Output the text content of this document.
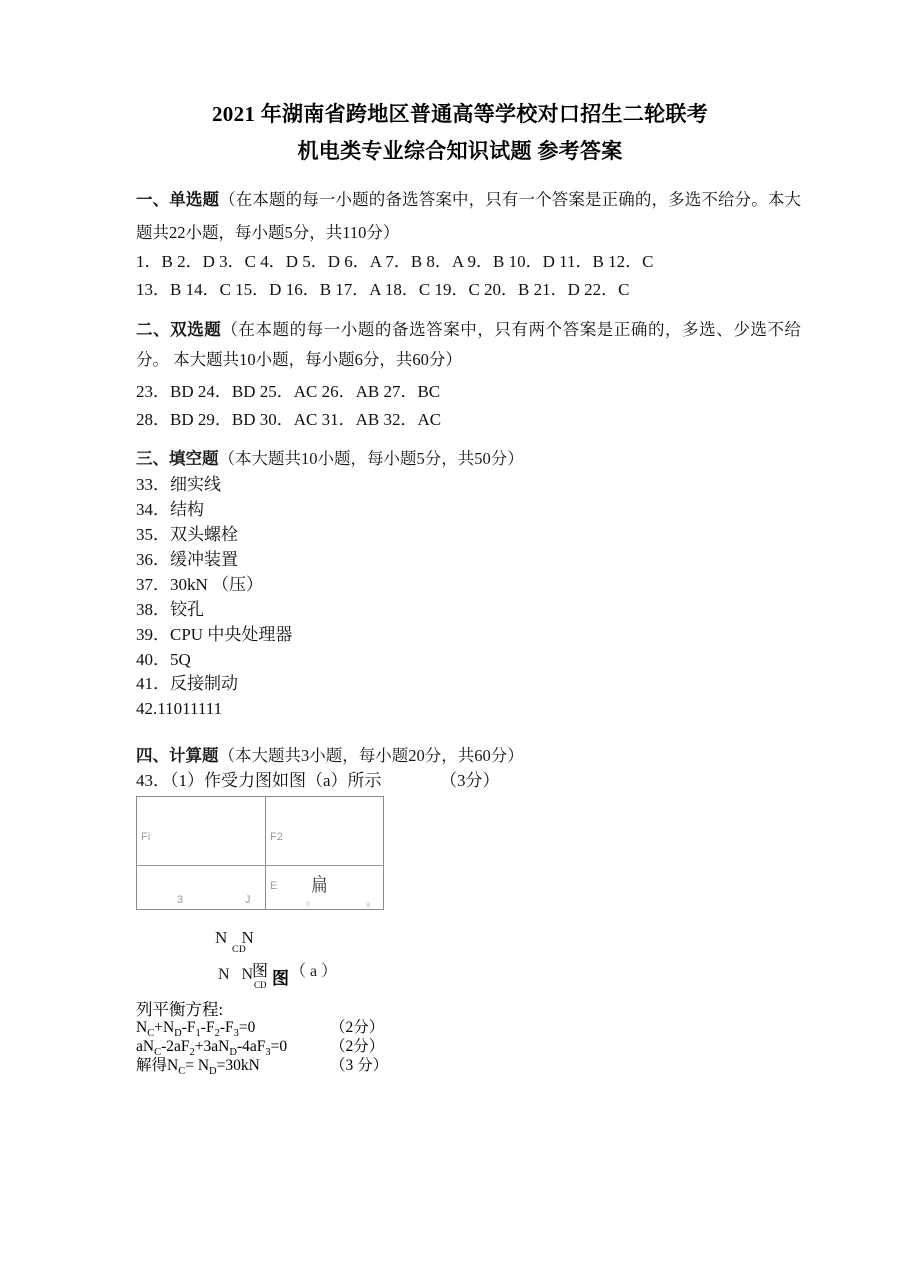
2021 年湖南省跨地区普通高等学校对口招生二轮联考
机电类专业综合知识试题 参考答案
一、单选题（在本题的每一小题的备选答案中，只有一个答案是正确的，多选不给分。本大 题共22小题，每小题5分，共110分）
1．B 2．D 3．C 4．D 5．D 6．A 7．B 8．A 9．B 10．D 11．B 12．C
13．B 14．C 15．D 16．B 17．A 18．C 19．C 20．B 21．D 22．C
二、双选题（在本题的每一小题的备选答案中，只有两个答案是正确的，多选、少选不给分。 本大题共10小题，每小题6分，共60分）
23．BD 24．BD 25．AC 26．AB 27．BC
28．BD 29．BD 30．AC 31．AB 32．AC
三、填空题（本大题共10小题，每小题5分，共50分）
33．细实线
34．结构
35．双头螺栓
36．缓冲装置
37．30kN （压）
38．铰孔
39．CPU 中央处理器
40．5Q
41．反接制动
42.11011111
四、计算题（本大题共3小题，每小题20分，共60分）
43．（1）作受力图如图（a）所示	（3分）
Fi	F2
3	J
E 扁
fi	a
N N
CD
N N
CD
图 图 （ a ）
列平衡方程:
$N_C+N_D-F_1-F_2-F_3=0$	（2分）
$aN_C-2aF_2+3aN_D-4aF_3=0$	（2分）
解得$N_C= N_D=30kN$	（3 分）
